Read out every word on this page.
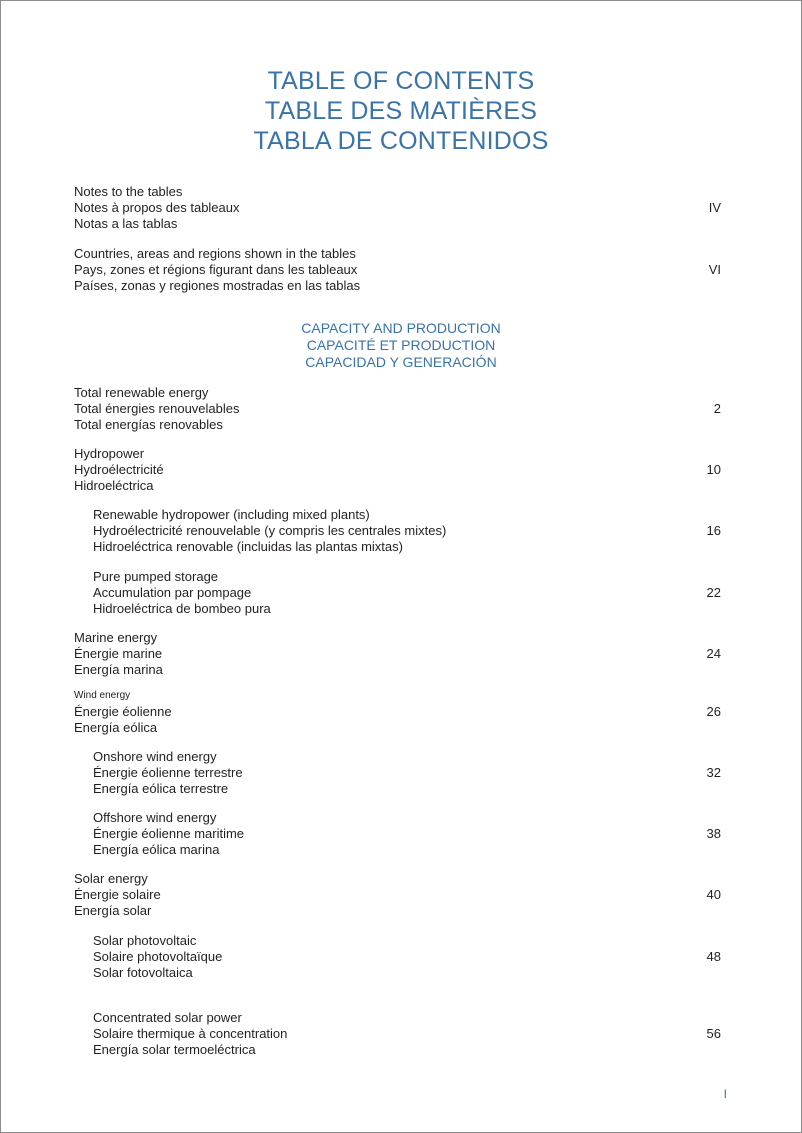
TABLE OF CONTENTS
TABLE DES MATIÈRES
TABLA DE CONTENIDOS
Notes to the tables
Notes à propos des tableaux
Notas a las tablas
IV
Countries, areas and regions shown in the tables
Pays, zones et régions figurant dans les tableaux
Países, zonas y regiones mostradas en las tablas
VI
CAPACITY AND PRODUCTION
CAPACITÉ ET PRODUCTION
CAPACIDAD Y GENERACIÓN
Total renewable energy
Total énergies renouvelables
Total energías renovables
2
Hydropower
Hydroélectricité
Hidroeléctrica
10
Renewable hydropower (including mixed plants)
Hydroélectricité renouvelable (y compris les centrales mixtes)
Hidroeléctrica renovable (incluidas las plantas mixtas)
16
Pure pumped storage
Accumulation par pompage
Hidroeléctrica de bombeo pura
22
Marine energy
Énergie marine
Energía marina
24
Wind energy
Énergie éolienne
Energía eólica
26
Onshore wind energy
Énergie éolienne terrestre
Energía eólica terrestre
32
Offshore wind energy
Énergie éolienne maritime
Energía eólica marina
38
Solar energy
Énergie solaire
Energía solar
40
Solar photovoltaic
Solaire photovoltaïque
Solar fotovoltaica
48
Concentrated solar power
Solaire thermique à concentration
Energía solar termoeléctrica
56
I
